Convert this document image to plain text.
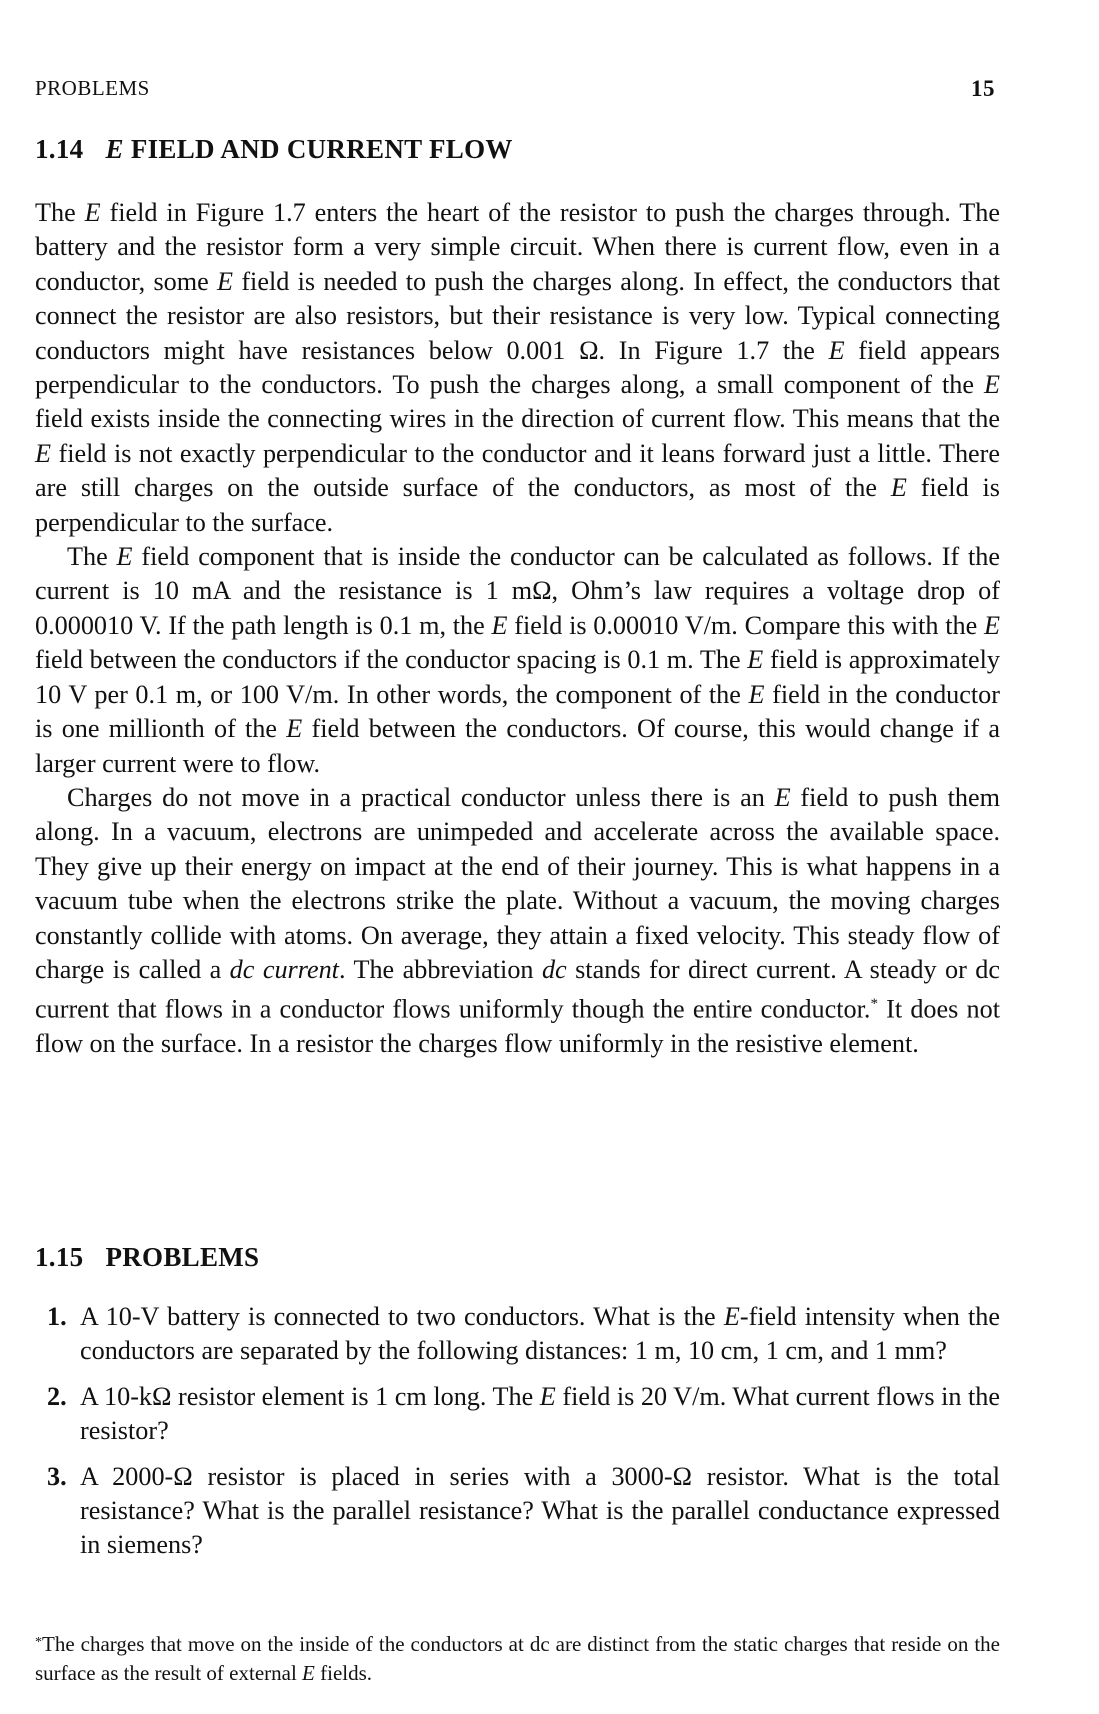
PROBLEMS	15
1.14 E FIELD AND CURRENT FLOW

The E field in Figure 1.7 enters the heart of the resistor to push the charges through. The battery and the resistor form a very simple circuit. When there is current flow, even in a conductor, some E field is needed to push the charges along. In effect, the conductors that connect the resistor are also resistors, but their resistance is very low. Typical connecting conductors might have resistances below 0.001 Ω. In Figure 1.7 the E field appears perpendicular to the conductors. To push the charges along, a small component of the E field exists inside the connecting wires in the direction of current flow. This means that the E field is not exactly perpendicular to the conductor and it leans forward just a little. There are still charges on the outside surface of the conductors, as most of the E field is perpendicular to the surface.

The E field component that is inside the conductor can be calculated as follows. If the current is 10 mA and the resistance is 1 mΩ, Ohm’s law requires a voltage drop of 0.000010 V. If the path length is 0.1 m, the E field is 0.00010 V/m. Compare this with the E field between the conductors if the conductor spacing is 0.1 m. The E field is approximately 10 V per 0.1 m, or 100 V/m. In other words, the component of the E field in the conductor is one millionth of the E field between the conductors. Of course, this would change if a larger current were to flow.

Charges do not move in a practical conductor unless there is an E field to push them along. In a vacuum, electrons are unimpeded and accelerate across the available space. They give up their energy on impact at the end of their journey. This is what happens in a vacuum tube when the electrons strike the plate. Without a vacuum, the moving charges constantly collide with atoms. On average, they attain a fixed velocity. This steady flow of charge is called a dc current. The abbreviation dc stands for direct current. A steady or dc current that flows in a conductor flows uniformly though the entire conductor.* It does not flow on the surface. In a resistor the charges flow uniformly in the resistive element.

1.15 PROBLEMS
1. A 10-V battery is connected to two conductors. What is the E-field intensity when the conductors are separated by the following distances: 1 m, 10 cm, 1 cm, and 1 mm?
2. A 10-kΩ resistor element is 1 cm long. The E field is 20 V/m. What current flows in the resistor?
3. A 2000-Ω resistor is placed in series with a 3000-Ω resistor. What is the total resistance? What is the parallel resistance? What is the parallel conductance expressed in siemens?
*The charges that move on the inside of the conductors at dc are distinct from the static charges that reside on the surface as the result of external E fields.
